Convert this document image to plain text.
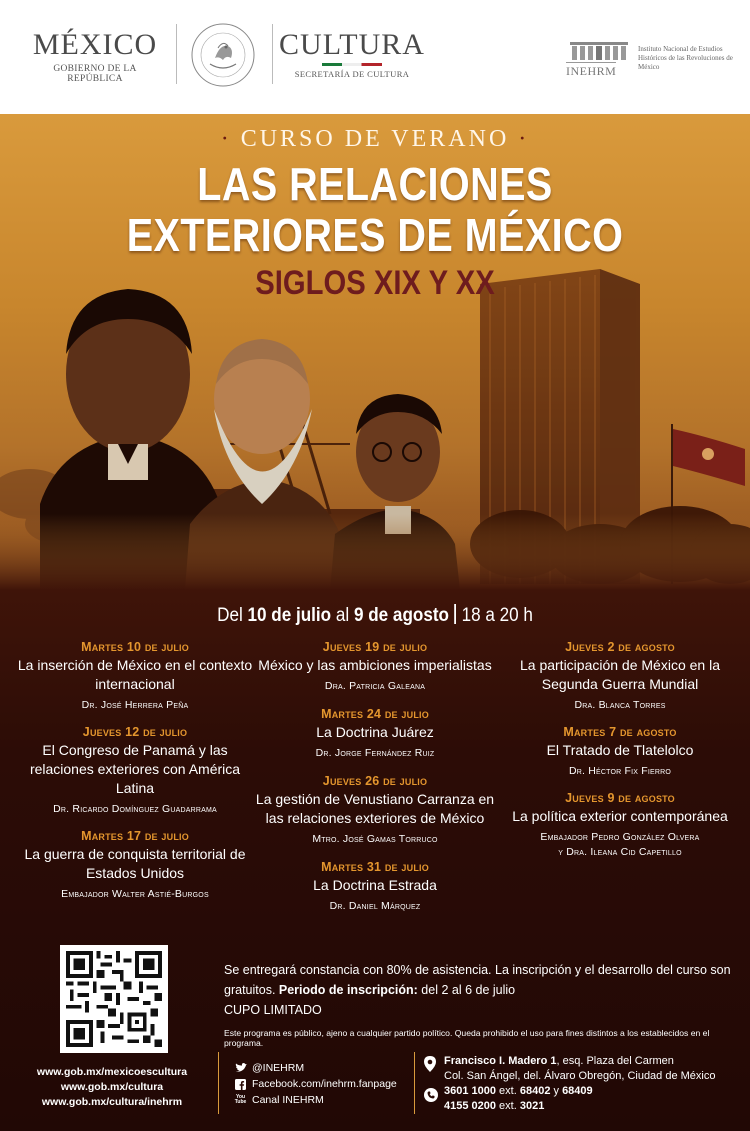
MÉXICO
GOBIERNO DE LA REPÚBLICA
CULTURA
SECRETARÍA DE CULTURA	INEHRM
Instituto Nacional de Estudios Históricos de las Revoluciones de México
· CURSO DE VERANO ·
LAS RELACIONES
EXTERIORES DE MÉXICO
SIGLOS XIX Y XX
Del 10 de julio al 9 de agosto 18 a 20 h
Martes 10 de julio
La inserción de México en el contexto internacional
Dr. José Herrera Peña
Jueves 12 de julio
El Congreso de Panamá y las relaciones exteriores con América Latina
Dr. Ricardo Domínguez Guadarrama
Martes 17 de julio
La guerra de conquista territorial de Estados Unidos
Embajador Walter Astié-Burgos
Jueves 19 de julio
México y las ambiciones imperialistas
Dra. Patricia Galeana
Martes 24 de julio
La Doctrina Juárez
Dr. Jorge Fernández Ruiz
Jueves 26 de julio
La gestión de Venustiano Carranza en las relaciones exteriores de México
Mtro. José Gamas Torruco
Martes 31 de julio
La Doctrina Estrada
Dr. Daniel Márquez
Jueves 2 de agosto
La participación de México en la Segunda Guerra Mundial
Dra. Blanca Torres
Martes 7 de agosto
El Tratado de Tlatelolco
Dr. Héctor Fix Fierro
Jueves 9 de agosto
La política exterior contemporánea
Embajador Pedro González Olvera
y Dra. Ileana Cid Capetillo
Se entregará constancia con 80% de asistencia. La inscripción y el desarrollo del curso son gratuitos. Periodo de inscripción: del 2 al 6 de julio
CUPO LIMITADO
Este programa es público, ajeno a cualquier partido político. Queda prohibido el uso para fines distintos a los establecidos en el programa.
www.gob.mx/mexicoescultura
www.gob.mx/cultura
www.gob.mx/cultura/inehrm
@INEHRM
Facebook.com/inehrm.fanpage
You Tube Canal INEHRM
Francisco I. Madero 1, esq. Plaza del Carmen
Col. San Ángel, del. Álvaro Obregón, Ciudad de México
3601 1000 ext. 68402 y 68409
4155 0200 ext. 3021
